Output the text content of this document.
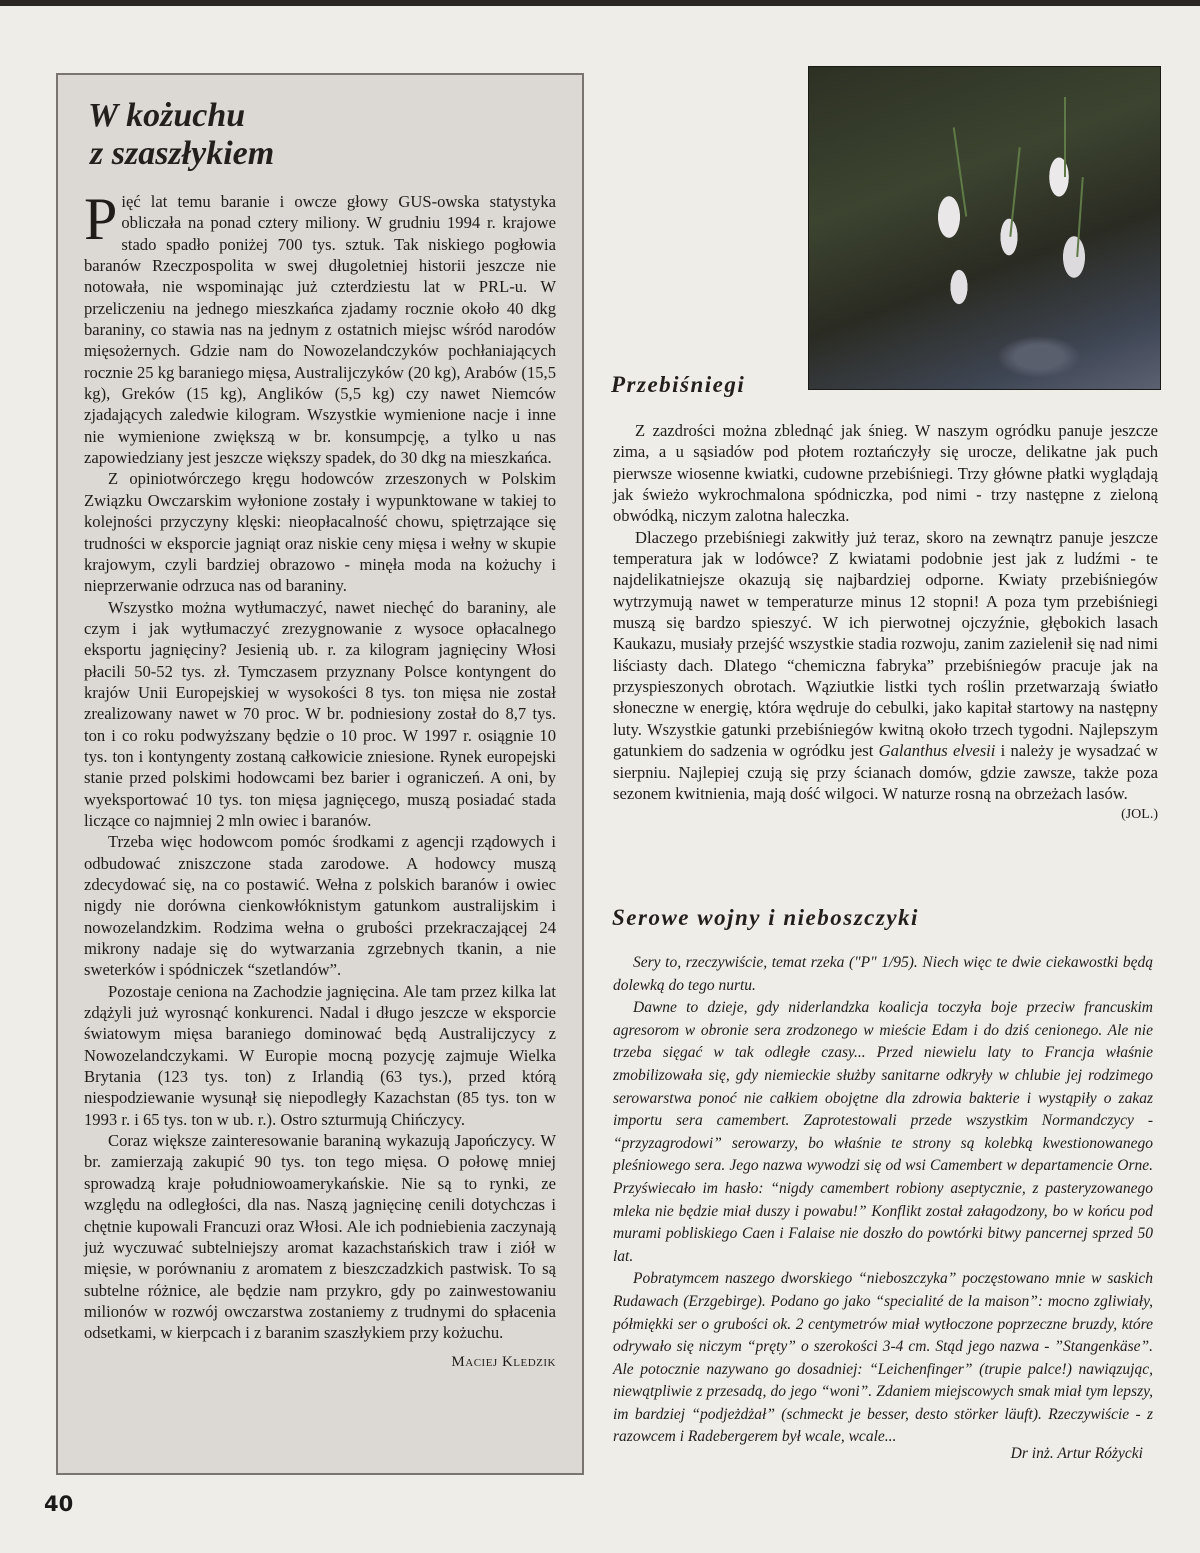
W kożuchu
z szaszłykiem

Pięć lat temu baranie i owcze głowy GUS-owska statystyka obliczała na ponad cztery miliony. W grudniu 1994 r. krajowe stado spadło poniżej 700 tys. sztuk. Tak niskiego pogłowia baranów Rzeczpospolita w swej długoletniej historii jeszcze nie notowała, nie wspominając już czterdziestu lat w PRL-u. W przeliczeniu na jednego mieszkańca zjadamy rocznie około 40 dkg baraniny, co stawia nas na jednym z ostatnich miejsc wśród narodów mięsożernych. Gdzie nam do Nowozelandczyków pochłaniających rocznie 25 kg baraniego mięsa, Australijczyków (20 kg), Arabów (15,5 kg), Greków (15 kg), Anglików (5,5 kg) czy nawet Niemców zjadających zaledwie kilogram. Wszystkie wymienione nacje i inne nie wymienione zwiększą w br. konsumpcję, a tylko u nas zapowiedziany jest jeszcze większy spadek, do 30 dkg na mieszkańca.

Z opiniotwórczego kręgu hodowców zrzeszonych w Polskim Związku Owczarskim wyłonione zostały i wypunktowane w takiej to kolejności przyczyny klęski: nieopłacalność chowu, spiętrzające się trudności w eksporcie jagniąt oraz niskie ceny mięsa i wełny w skupie krajowym, czyli bardziej obrazowo - minęła moda na kożuchy i nieprzerwanie odrzuca nas od baraniny.

Wszystko można wytłumaczyć, nawet niechęć do baraniny, ale czym i jak wytłumaczyć zrezygnowanie z wysoce opłacalnego eksportu jagnięciny? Jesienią ub. r. za kilogram jagnięciny Włosi płacili 50-52 tys. zł. Tymczasem przyznany Polsce kontyngent do krajów Unii Europejskiej w wysokości 8 tys. ton mięsa nie został zrealizowany nawet w 70 proc. W br. podniesiony został do 8,7 tys. ton i co roku podwyższany będzie o 10 proc. W 1997 r. osiągnie 10 tys. ton i kontyngenty zostaną całkowicie zniesione. Rynek europejski stanie przed polskimi hodowcami bez barier i ograniczeń. A oni, by wyeksportować 10 tys. ton mięsa jagnięcego, muszą posiadać stada liczące co najmniej 2 mln owiec i baranów.

Trzeba więc hodowcom pomóc środkami z agencji rządowych i odbudować zniszczone stada zarodowe. A hodowcy muszą zdecydować się, na co postawić. Wełna z polskich baranów i owiec nigdy nie dorówna cienkowłóknistym gatunkom australijskim i nowozelandzkim. Rodzima wełna o grubości przekraczającej 24 mikrony nadaje się do wytwarzania zgrzebnych tkanin, a nie sweterków i spódniczek “szetlandów”.

Pozostaje ceniona na Zachodzie jagnięcina. Ale tam przez kilka lat zdążyli już wyrosnąć konkurenci. Nadal i długo jeszcze w eksporcie światowym mięsa baraniego dominować będą Australijczycy z Nowozelandczykami. W Europie mocną pozycję zajmuje Wielka Brytania (123 tys. ton) z Irlandią (63 tys.), przed którą niespodziewanie wysunął się niepodległy Kazachstan (85 tys. ton w 1993 r. i 65 tys. ton w ub. r.). Ostro szturmują Chińczycy.

Coraz większe zainteresowanie baraniną wykazują Japończycy. W br. zamierzają zakupić 90 tys. ton tego mięsa. O połowę mniej sprowadzą kraje południowoamerykańskie. Nie są to rynki, ze względu na odległości, dla nas. Naszą jagnięcinę cenili dotychczas i chętnie kupowali Francuzi oraz Włosi. Ale ich podniebienia zaczynają już wyczuwać subtelniejszy aromat kazachstańskich traw i ziół w mięsie, w porównaniu z aromatem z bieszczadzkich pastwisk. To są subtelne różnice, ale będzie nam przykro, gdy po zainwestowaniu milionów w rozwój owczarstwa zostaniemy z trudnymi do spłacenia odsetkami, w kierpcach i z baranim szaszłykiem przy kożuchu.

Maciej Kledzik
Przebiśniegi

Z zazdrości można zblednąć jak śnieg. W naszym ogródku panuje jeszcze zima, a u sąsiadów pod płotem roztańczyły się urocze, delikatne jak puch pierwsze wiosenne kwiatki, cudowne przebiśniegi. Trzy główne płatki wyglądają jak świeżo wykrochmalona spódniczka, pod nimi - trzy następne z zieloną obwódką, niczym zalotna haleczka.

Dlaczego przebiśniegi zakwitły już teraz, skoro na zewnątrz panuje jeszcze temperatura jak w lodówce? Z kwiatami podobnie jest jak z ludźmi - te najdelikatniejsze okazują się najbardziej odporne. Kwiaty przebiśniegów wytrzymują nawet w temperaturze minus 12 stopni! A poza tym przebiśniegi muszą się bardzo spieszyć. W ich pierwotnej ojczyźnie, głębokich lasach Kaukazu, musiały przejść wszystkie stadia rozwoju, zanim zazielenił się nad nimi liściasty dach. Dlatego “chemiczna fabryka” przebiśniegów pracuje jak na przyspieszonych obrotach. Wąziutkie listki tych roślin przetwarzają światło słoneczne w energię, która wędruje do cebulki, jako kapitał startowy na następny luty. Wszystkie gatunki przebiśniegów kwitną około trzech tygodni. Najlepszym gatunkiem do sadzenia w ogródku jest Galanthus elvesii i należy je wysadzać w sierpniu. Najlepiej czują się przy ścianach domów, gdzie zawsze, także poza sezonem kwitnienia, mają dość wilgoci. W naturze rosną na obrzeżach lasów.
(JOL.)

Serowe wojny i nieboszczyki

Sery to, rzeczywiście, temat rzeka ("P" 1/95). Niech więc te dwie ciekawostki będą dolewką do tego nurtu.

Dawne to dzieje, gdy niderlandzka koalicja toczyła boje przeciw francuskim agresorom w obronie sera zrodzonego w mieście Edam i do dziś cenionego. Ale nie trzeba sięgać w tak odległe czasy... Przed niewielu laty to Francja właśnie zmobilizowała się, gdy niemieckie służby sanitarne odkryły w chlubie jej rodzimego serowarstwa ponoć nie całkiem obojętne dla zdrowia bakterie i wystąpiły o zakaz importu sera camembert. Zaprotestowali przede wszystkim Normandczycy - “przyzagrodowi” serowarzy, bo właśnie te strony są kolebką kwestionowanego pleśniowego sera. Jego nazwa wywodzi się od wsi Camembert w departamencie Orne. Przyświecało im hasło: “nigdy camembert robiony aseptycznie, z pasteryzowanego mleka nie będzie miał duszy i powabu!” Konflikt został załagodzony, bo w końcu pod murami pobliskiego Caen i Falaise nie doszło do powtórki bitwy pancernej sprzed 50 lat.

Pobratymcem naszego dworskiego “nieboszczyka” poczęstowano mnie w saskich Rudawach (Erzgebirge). Podano go jako “specialité de la maison”: mocno zgliwiały, półmiękki ser o grubości ok. 2 centymetrów miał wytłoczone poprzeczne bruzdy, które odrywało się niczym “pręty” o szerokości 3-4 cm. Stąd jego nazwa - ”Stangenkäse”. Ale potocznie nazywano go dosadniej: “Leichenfinger” (trupie palce!) nawiązując, niewątpliwie z przesadą, do jego “woni”. Zdaniem miejscowych smak miał tym lepszy, im bardziej “podjeżdżał” (schmeckt je besser, desto störker läuft). Rzeczywiście - z razowcem i Radebergerem był wcale, wcale...

Dr inż. Artur Różycki
40
